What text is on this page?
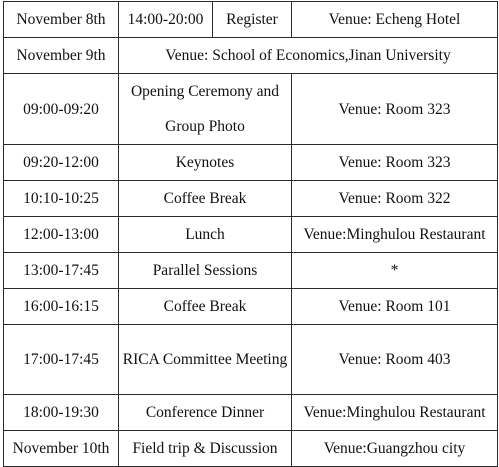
November 8th	14:00-20:00	Register	Venue: Echeng Hotel
November 9th	Venue: School of Economics,Jinan University		
09:00-09:20	Opening Ceremony and Group Photo		Venue: Room 323
09:20-12:00	Keynotes		Venue: Room 323
10:10-10:25	Coffee Break		Venue: Room 322
12:00-13:00	Lunch		Venue:Minghulou Restaurant
13:00-17:45	Parallel Sessions		*
16:00-16:15	Coffee Break		Venue: Room 101
17:00-17:45	RICA Committee Meeting		Venue: Room 403
18:00-19:30	Conference Dinner		Venue:Minghulou Restaurant
November 10th	Field trip & Discussion		Venue:Guangzhou city
